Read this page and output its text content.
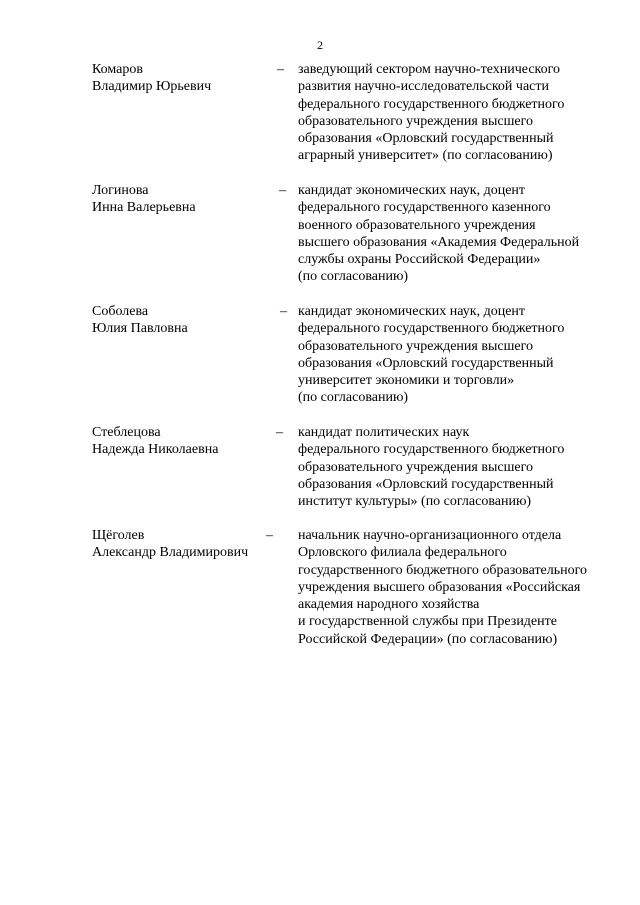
2
Комаров
Владимир Юрьевич
– заведующий сектором научно-технического
развития научно-исследовательской части
федерального государственного бюджетного
образовательного учреждения высшего
образования «Орловский государственный
аграрный университет» (по согласованию)
Логинова
Инна Валерьевна
– кандидат экономических наук, доцент
федерального государственного казенного
военного образовательного учреждения
высшего образования «Академия Федеральной
службы охраны Российской Федерации»
(по согласованию)
Соболева
Юлия Павловна
– кандидат экономических наук, доцент
федерального государственного бюджетного
образовательного учреждения высшего
образования «Орловский государственный
университет экономики и торговли»
(по согласованию)
Стеблецова
Надежда Николаевна
– кандидат политических наук
федерального государственного бюджетного
образовательного учреждения высшего
образования «Орловский государственный
институт культуры» (по согласованию)
Щёголев
Александр Владимирович
– начальник научно-организационного отдела
Орловского филиала федерального
государственного бюджетного образовательного
учреждения высшего образования «Российская
академия народного хозяйства
и государственной службы при Президенте
Российской Федерации» (по согласованию)
